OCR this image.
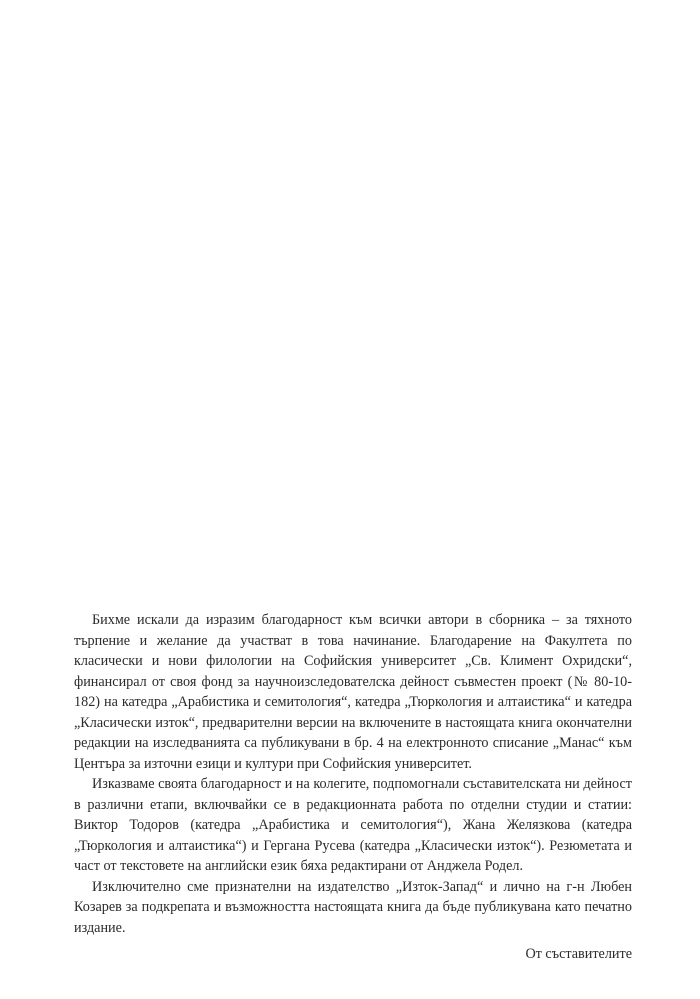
Бихме искали да изразим благодарност към всички автори в сборника – за тяхното търпение и желание да участват в това начинание. Благодарение на Факултета по класически и нови филологии на Софийския университет „Св. Климент Охридски“, финансирал от своя фонд за научноизследователска дейност съвместен проект (№ 80-10-182) на катедра „Арабистика и семитология“, катедра „Тюркология и алтаистика“ и катедра „Класически изток“, предварителни версии на включените в настоящата книга окончателни редакции на изследванията са публикувани в бр. 4 на електронното списание „Манас“ към Центъра за източни езици и култури при Софийския университет.

Изказваме своята благодарност и на колегите, подпомогнали съставителската ни дейност в различни етапи, включвайки се в редакционната работа по отделни студии и статии: Виктор Тодоров (катедра „Арабистика и семитология“), Жана Желязкова (катедра „Тюркология и алтаистика“) и Гергана Русева (катедра „Класически изток“). Резюметата и част от текстовете на английски език бяха редактирани от Анджела Родел.

Изключително сме признателни на издателство „Изток-Запад“ и лично на г-н Любен Козарев за подкрепата и възможността настоящата книга да бъде публикувана като печатно издание.

От съставителите
